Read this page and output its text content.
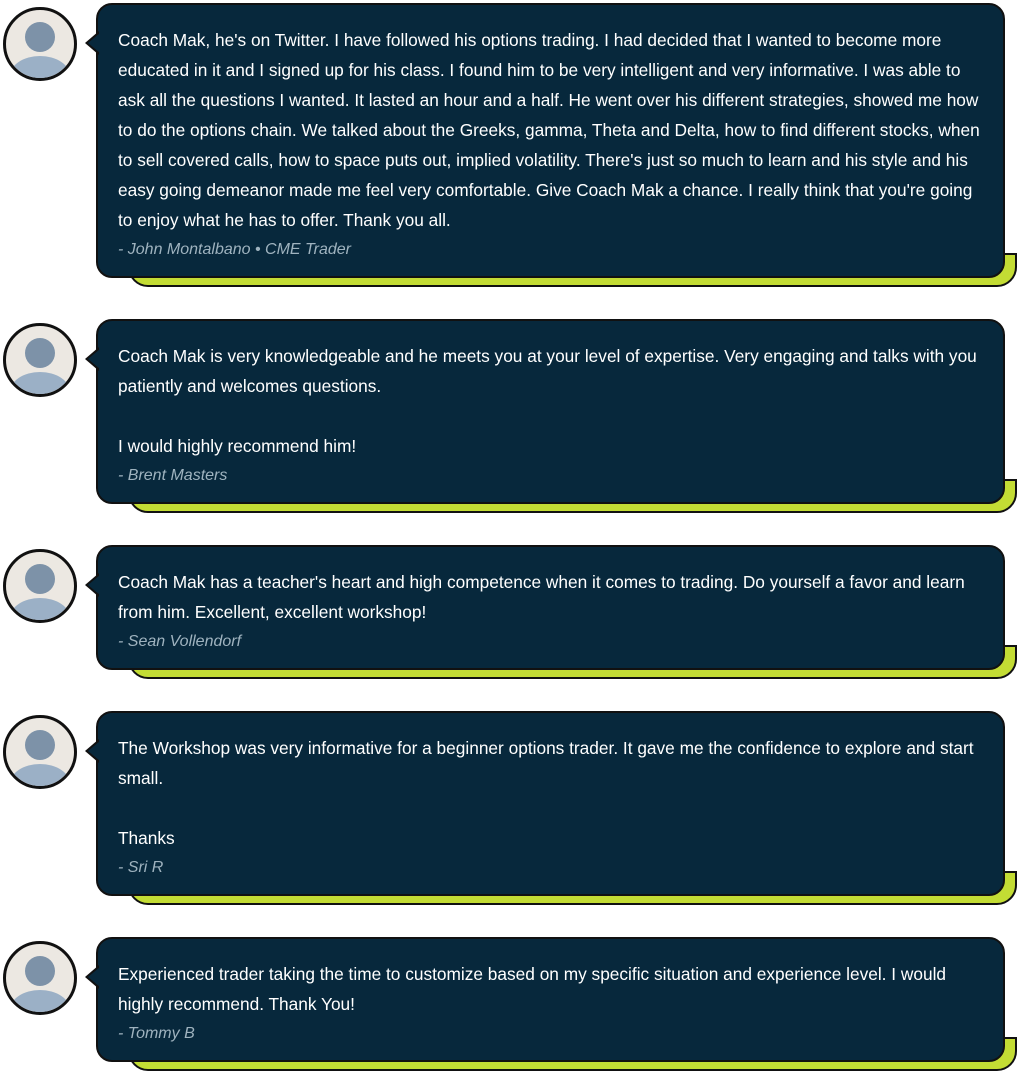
Coach Mak, he's on Twitter. I have followed his options trading. I had decided that I wanted to become more educated in it and I signed up for his class. I found him to be very intelligent and very informative. I was able to ask all the questions I wanted. It lasted an hour and a half. He went over his different strategies, showed me how to do the options chain. We talked about the Greeks, gamma, Theta and Delta, how to find different stocks, when to sell covered calls, how to space puts out, implied volatility. There's just so much to learn and his style and his easy going demeanor made me feel very comfortable. Give Coach Mak a chance. I really think that you're going to enjoy what he has to offer. Thank you all.
- John Montalbano • CME Trader
Coach Mak is very knowledgeable and he meets you at your level of expertise. Very engaging and talks with you patiently and welcomes questions.

I would highly recommend him!
- Brent Masters
Coach Mak has a teacher's heart and high competence when it comes to trading. Do yourself a favor and learn from him. Excellent, excellent workshop!
- Sean Vollendorf
The Workshop was very informative for a beginner options trader. It gave me the confidence to explore and start small.

Thanks
- Sri R
Experienced trader taking the time to customize based on my specific situation and experience level. I would highly recommend. Thank You!
- Tommy B
